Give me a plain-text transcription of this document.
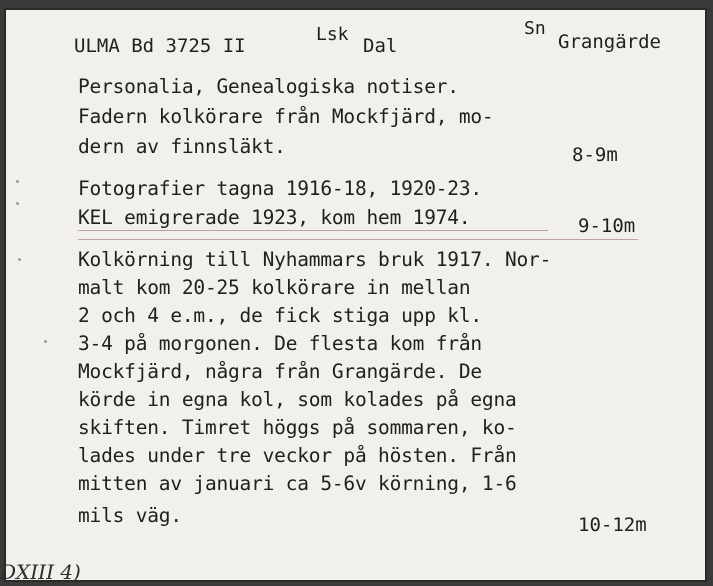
ULMA Bd 3725 II
Lsk
Dal
Sn
Grangärde
Personalia, Genealogiska notiser.
Fadern kolkörare från Mockfjärd, mo-
dern av finnsläkt.	8-9m
Fotografier tagna 1916-18, 1920-23.
KEL emigrerade 1923, kom hem 1974.	9-10m
Kolkörning till Nyhammars bruk 1917. Nor-
malt kom 20-25 kolkörare in mellan
2 och 4 e.m., de fick stiga upp kl.
3-4 på morgonen. De flesta kom från
Mockfjärd, några från Grangärde. De
körde in egna kol, som kolades på egna
skiften. Timret höggs på sommaren, ko-
lades under tre veckor på hösten. Från
mitten av januari ca 5-6v körning, 1-6
mils väg.	10-12m
DXIII 4)
